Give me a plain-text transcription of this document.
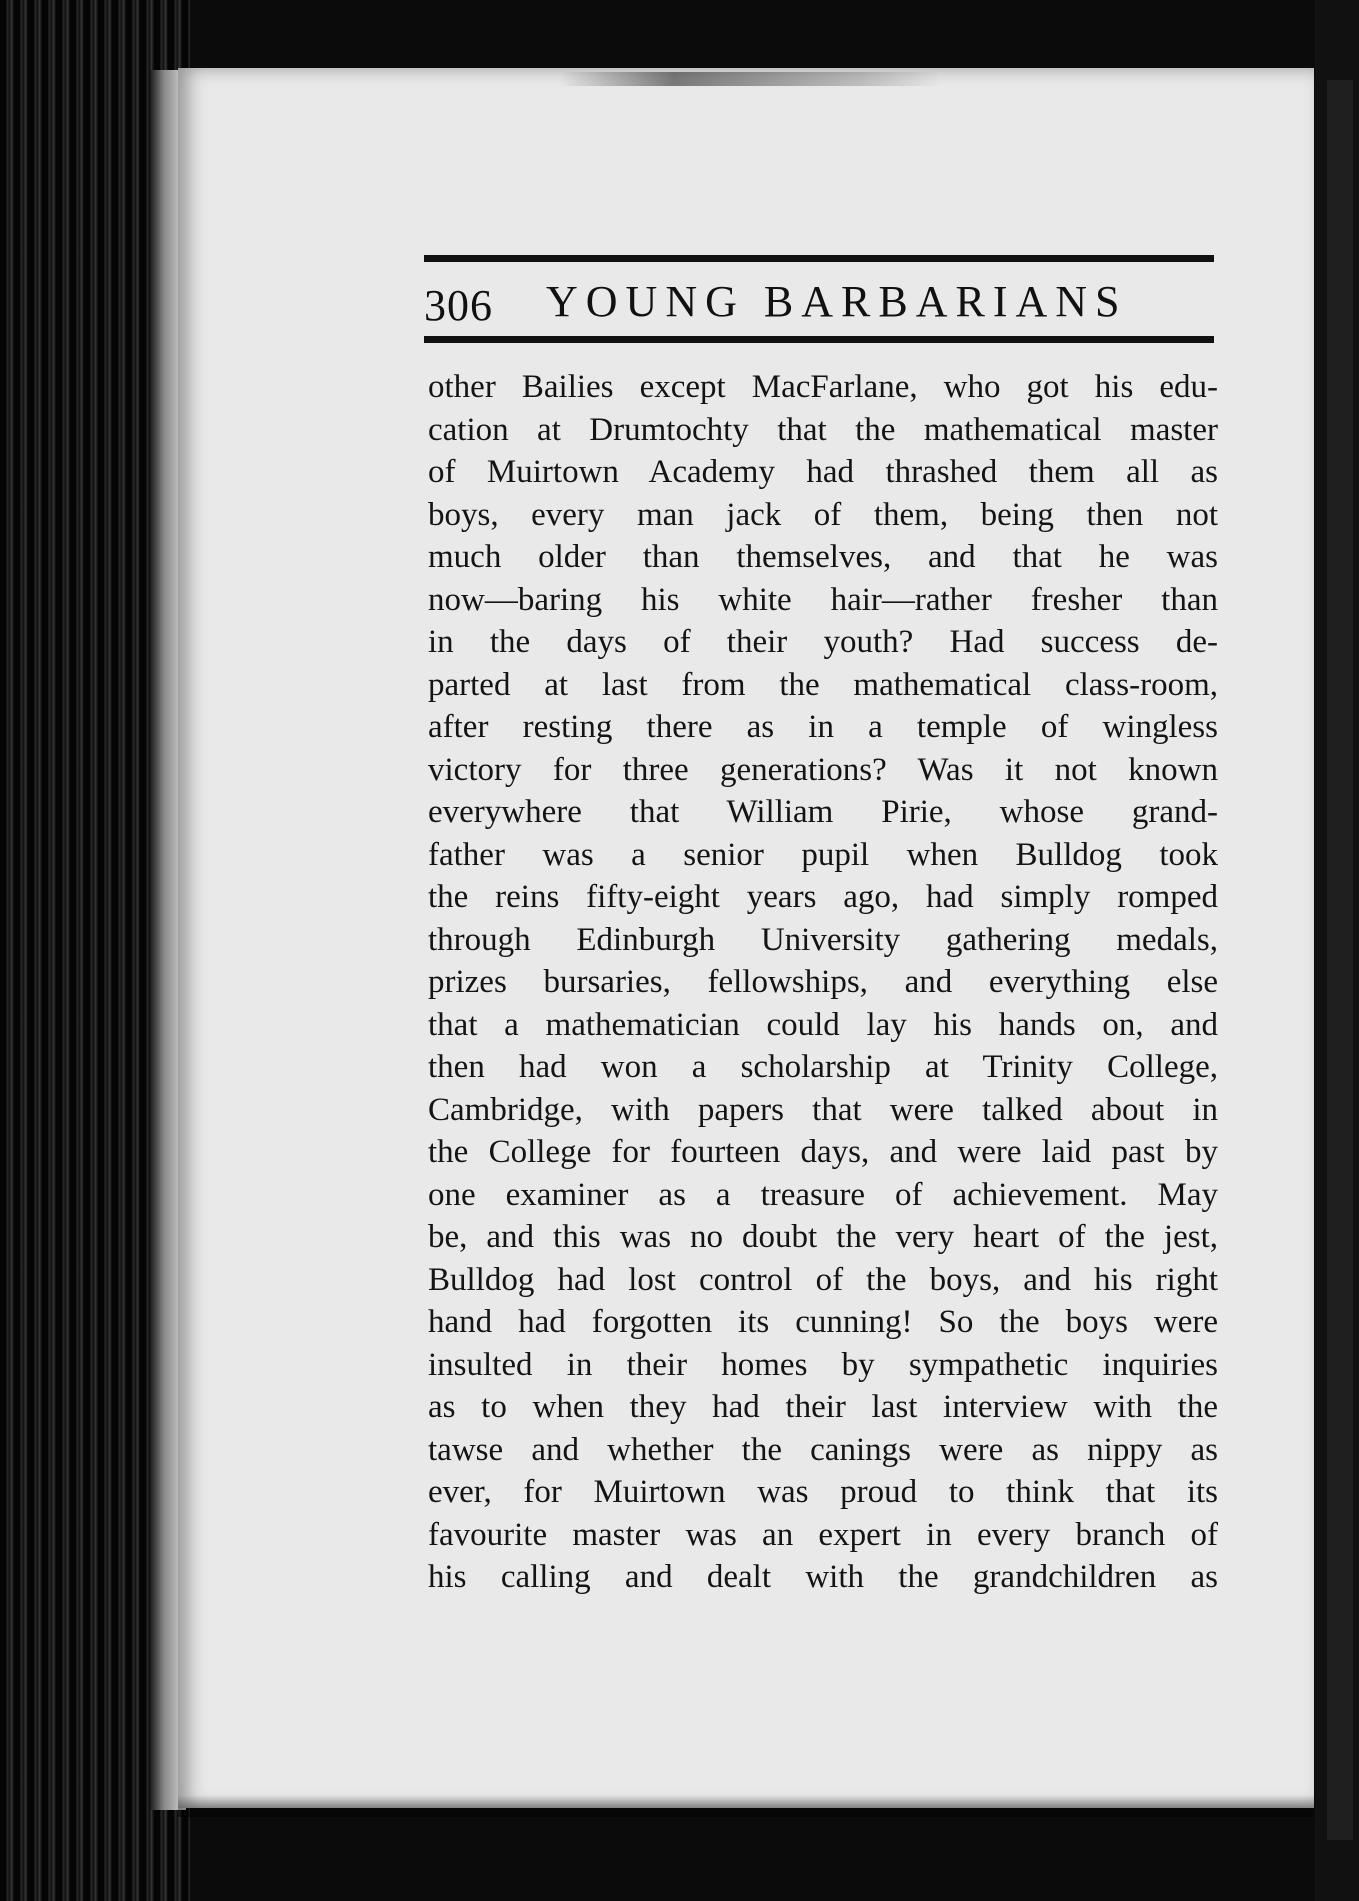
306 YOUNG BARBARIANS
other Bailies except MacFarlane, who got his edu-
cation at Drumtochty that the mathematical master
of Muirtown Academy had thrashed them all as
boys, every man jack of them, being then not
much older than themselves, and that he was
now—baring his white hair—rather fresher than
in the days of their youth? Had success de-
parted at last from the mathematical class-room,
after resting there as in a temple of wingless
victory for three generations? Was it not known
everywhere that William Pirie, whose grand-
father was a senior pupil when Bulldog took
the reins fifty-eight years ago, had simply romped
through Edinburgh University gathering medals,
prizes bursaries, fellowships, and everything else
that a mathematician could lay his hands on, and
then had won a scholarship at Trinity College,
Cambridge, with papers that were talked about in
the College for fourteen days, and were laid past by
one examiner as a treasure of achievement. May
be, and this was no doubt the very heart of the jest,
Bulldog had lost control of the boys, and his right
hand had forgotten its cunning! So the boys were
insulted in their homes by sympathetic inquiries
as to when they had their last interview with the
tawse and whether the canings were as nippy as
ever, for Muirtown was proud to think that its
favourite master was an expert in every branch of
his calling and dealt with the grandchildren as
